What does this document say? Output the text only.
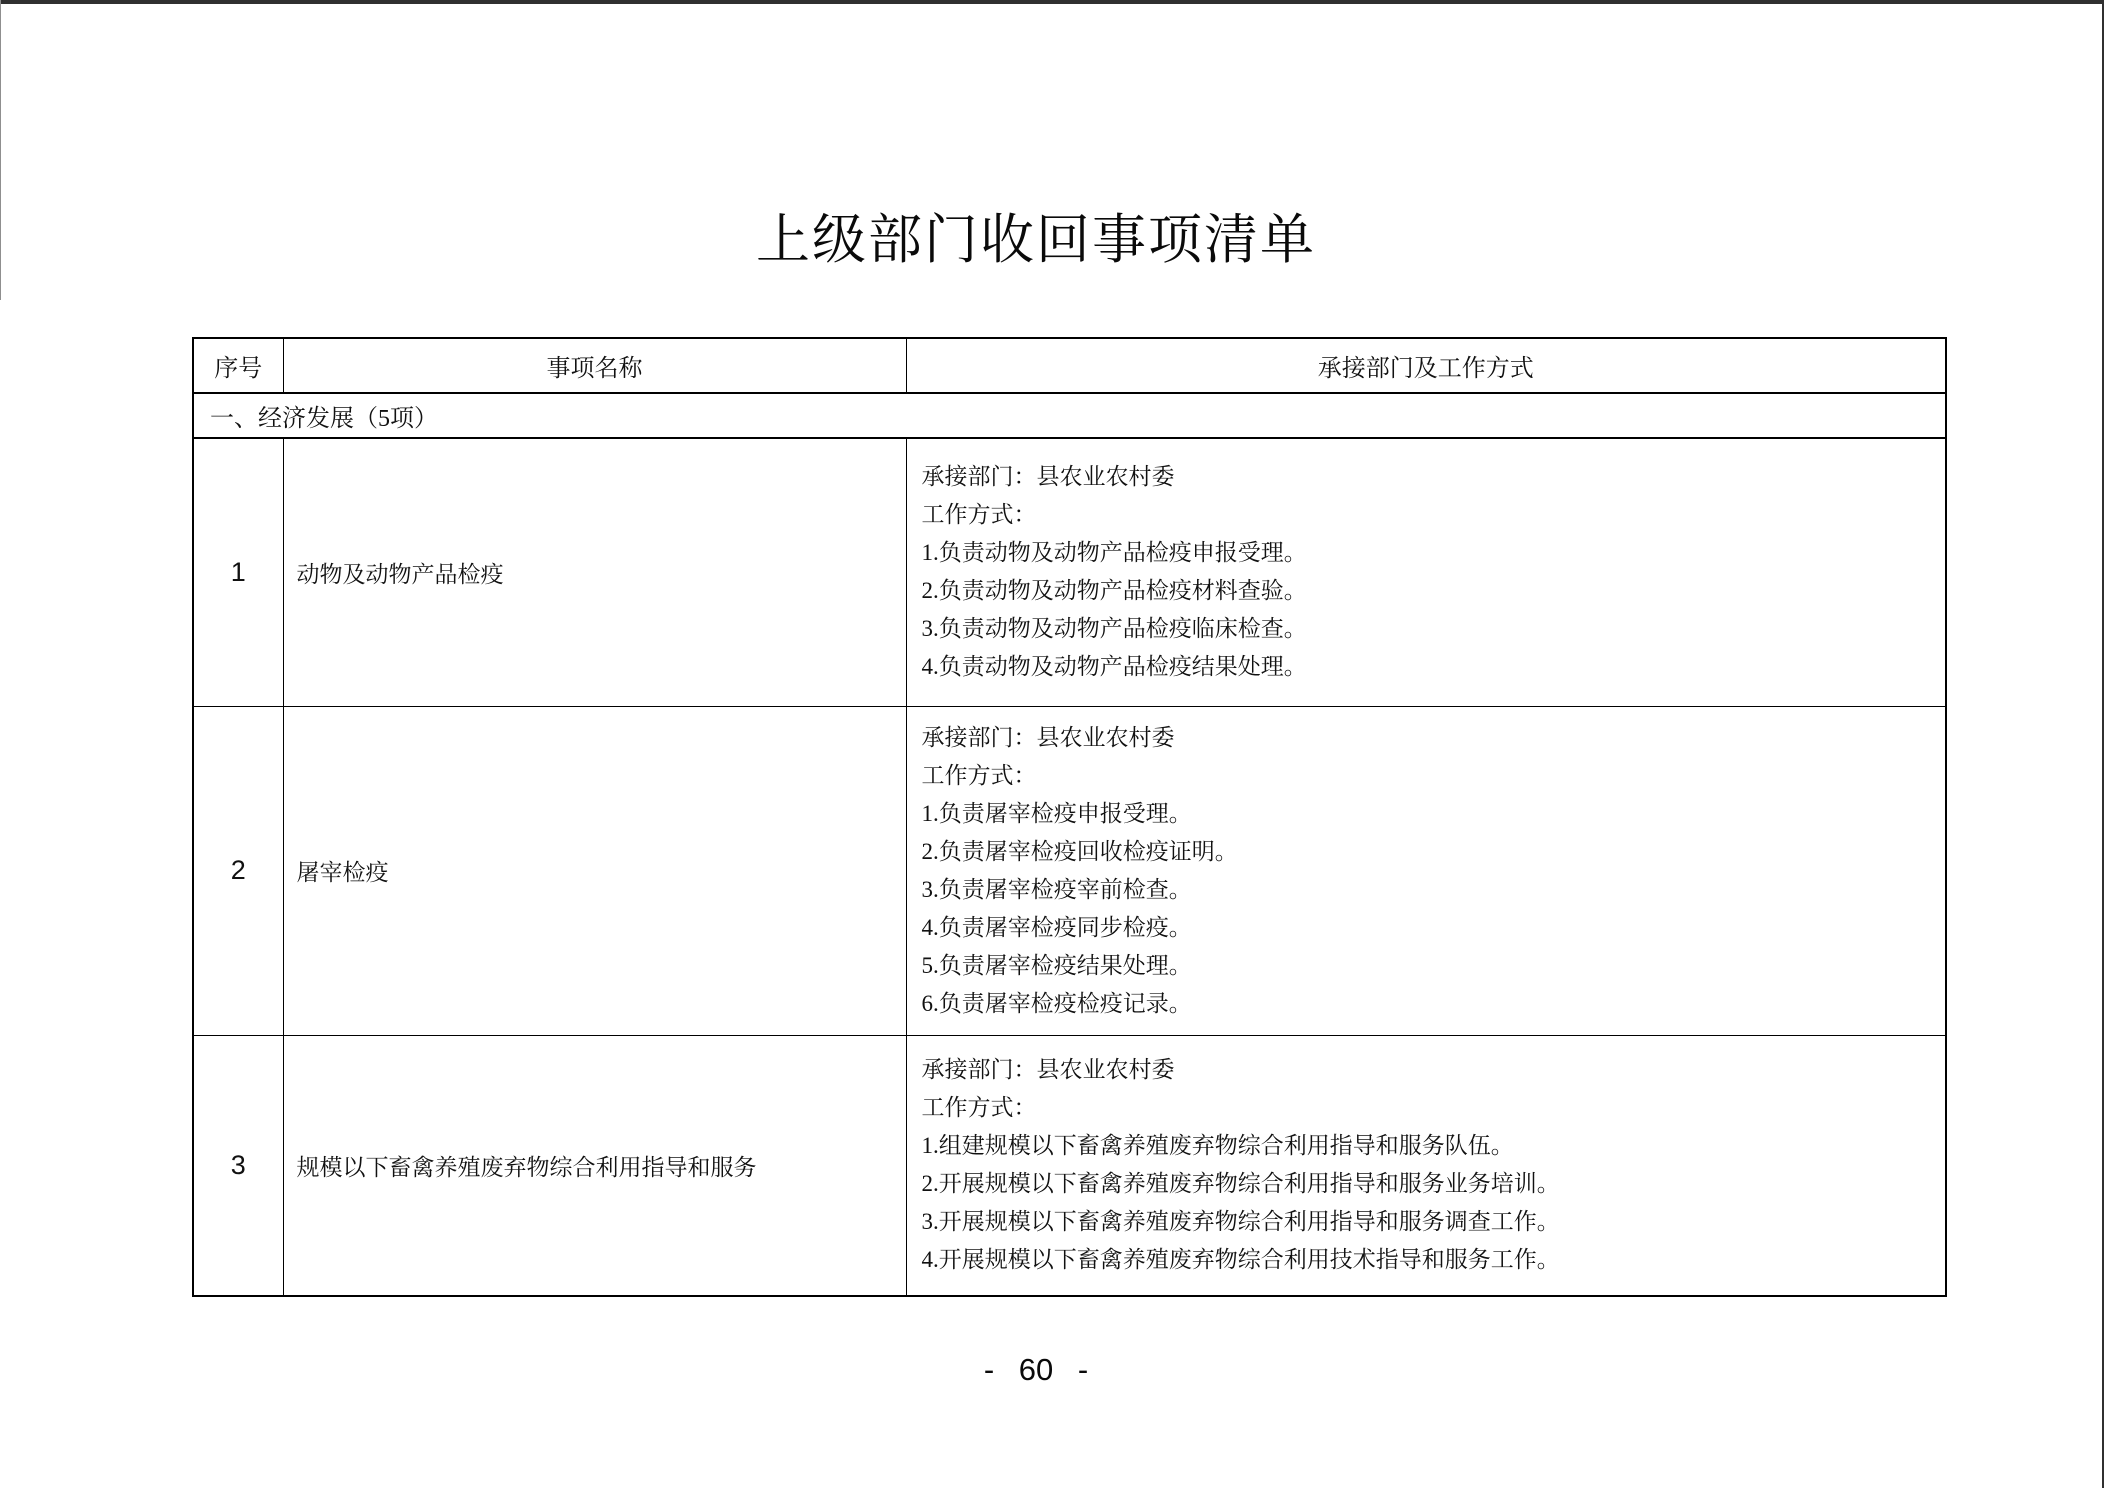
上级部门收回事项清单
序号	事项名称	承接部门及工作方式
一、经济发展（5项）		
1	动物及动物产品检疫	
承接部门：县农业农村委
工作方式：
1.负责动物及动物产品检疫申报受理。
2.负责动物及动物产品检疫材料查验。
3.负责动物及动物产品检疫临床检查。
4.负责动物及动物产品检疫结果处理。

2	屠宰检疫	
承接部门：县农业农村委
工作方式：
1.负责屠宰检疫申报受理。
2.负责屠宰检疫回收检疫证明。
3.负责屠宰检疫宰前检查。
4.负责屠宰检疫同步检疫。
5.负责屠宰检疫结果处理。
6.负责屠宰检疫检疫记录。

3	规模以下畜禽养殖废弃物综合利用指导和服务	
承接部门：县农业农村委
工作方式：
1.组建规模以下畜禽养殖废弃物综合利用指导和服务队伍。
2.开展规模以下畜禽养殖废弃物综合利用指导和服务业务培训。
3.开展规模以下畜禽养殖废弃物综合利用指导和服务调查工作。
4.开展规模以下畜禽养殖废弃物综合利用技术指导和服务工作。
- 60 -
